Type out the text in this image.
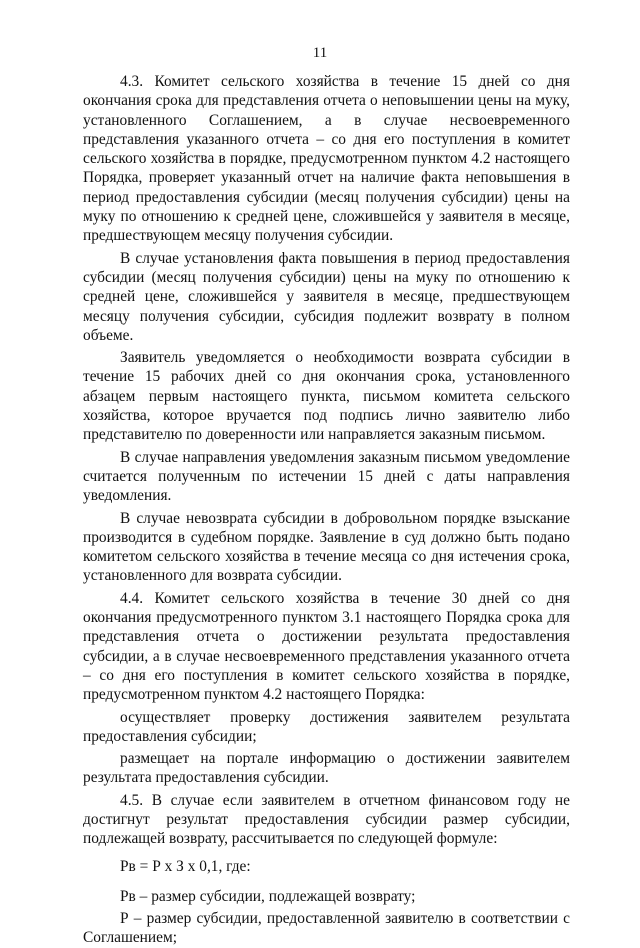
11

4.3. Комитет сельского хозяйства в течение 15 дней со дня окончания срока для представления отчета о неповышении цены на муку, установленного Соглашением, а в случае несвоевременного представления указанного отчета – со дня его поступления в комитет сельского хозяйства в порядке, предусмотренном пунктом 4.2 настоящего Порядка, проверяет указанный отчет на наличие факта неповышения в период предоставления субсидии (месяц получения субсидии) цены на муку по отношению к средней цене, сложившейся у заявителя в месяце, предшествующем месяцу получения субсидии.

В случае установления факта повышения в период предоставления субсидии (месяц получения субсидии) цены на муку по отношению к средней цене, сложившейся у заявителя в месяце, предшествующем месяцу получения субсидии, субсидия подлежит возврату в полном объеме.

Заявитель уведомляется о необходимости возврата субсидии в течение 15 рабочих дней со дня окончания срока, установленного абзацем первым настоящего пункта, письмом комитета сельского хозяйства, которое вручается под подпись лично заявителю либо представителю по доверенности или направляется заказным письмом.

В случае направления уведомления заказным письмом уведомление считается полученным по истечении 15 дней с даты направления уведомления.

В случае невозврата субсидии в добровольном порядке взыскание производится в судебном порядке. Заявление в суд должно быть подано комитетом сельского хозяйства в течение месяца со дня истечения срока, установленного для возврата субсидии.

4.4. Комитет сельского хозяйства в течение 30 дней со дня окончания предусмотренного пунктом 3.1 настоящего Порядка срока для представления отчета о достижении результата предоставления субсидии, а в случае несвоевременного представления указанного отчета – со дня его поступления в комитет сельского хозяйства в порядке, предусмотренном пунктом 4.2 настоящего Порядка:

осуществляет проверку достижения заявителем результата предоставления субсидии;

размещает на портале информацию о достижении заявителем результата предоставления субсидии.

4.5. В случае если заявителем в отчетном финансовом году не достигнут результат предоставления субсидии размер субсидии, подлежащей возврату, рассчитывается по следующей формуле:

Рв = Р х З х 0,1, где:

Рв – размер субсидии, подлежащей возврату;

Р – размер субсидии, предоставленной заявителю в соответствии с Соглашением;
